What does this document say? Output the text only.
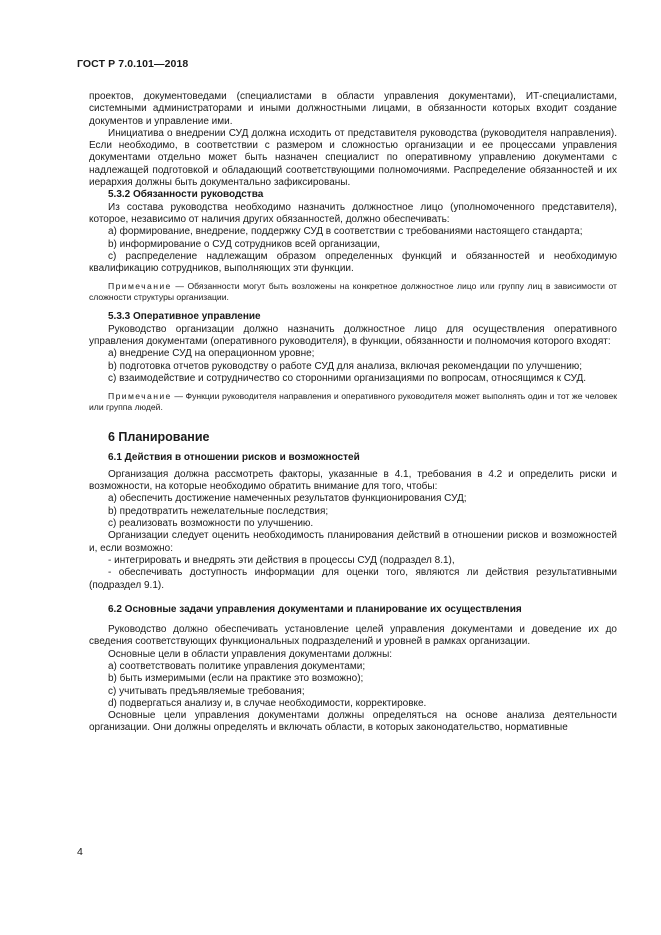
ГОСТ Р 7.0.101—2018

проектов, документоведами (специалистами в области управления документами), ИТ-специалистами, системными администраторами и иными должностными лицами, в обязанности которых входит создание документов и управление ими.

Инициатива о внедрении СУД должна исходить от представителя руководства (руководителя направления). Если необходимо, в соответствии с размером и сложностью организации и ее процессами управления документами отдельно может быть назначен специалист по оперативному управлению документами с надлежащей подготовкой и обладающий соответствующими полномочиями. Распределение обязанностей и их иерархия должны быть документально зафиксированы.

5.3.2 Обязанности руководства

Из состава руководства необходимо назначить должностное лицо (уполномоченного представителя), которое, независимо от наличия других обязанностей, должно обеспечивать:

а) формирование, внедрение, поддержку СУД в соответствии с требованиями настоящего стандарта;

b) информирование о СУД сотрудников всей организации,

c) распределение надлежащим образом определенных функций и обязанностей и необходимую квалификацию сотрудников, выполняющих эти функции.

Примечание — Обязанности могут быть возложены на конкретное должностное лицо или группу лиц в зависимости от сложности структуры организации.

5.3.3 Оперативное управление

Руководство организации должно назначить должностное лицо для осуществления оперативного управления документами (оперативного руководителя), в функции, обязанности и полномочия которого входят:

а) внедрение СУД на операционном уровне;

b) подготовка отчетов руководству о работе СУД для анализа, включая рекомендации по улучшению;

c) взаимодействие и сотрудничество со сторонними организациями по вопросам, относящимся к СУД.

Примечание — Функции руководителя направления и оперативного руководителя может выполнять один и тот же человек или группа людей.

6 Планирование

6.1 Действия в отношении рисков и возможностей

Организация должна рассмотреть факторы, указанные в 4.1, требования в 4.2 и определить риски и возможности, на которые необходимо обратить внимание для того, чтобы:

а) обеспечить достижение намеченных результатов функционирования СУД;

b) предотвратить нежелательные последствия;

c) реализовать возможности по улучшению.

Организации следует оценить необходимость планирования действий в отношении рисков и возможностей и, если возможно:

- интегрировать и внедрять эти действия в процессы СУД (подраздел 8.1),

- обеспечивать доступность информации для оценки того, являются ли действия результативными (подраздел 9.1).

6.2 Основные задачи управления документами и планирование их осуществления

Руководство должно обеспечивать установление целей управления документами и доведение их до сведения соответствующих функциональных подразделений и уровней в рамках организации.

Основные цели в области управления документами должны:

а) соответствовать политике управления документами;

b) быть измеримыми (если на практике это возможно);

c) учитывать предъявляемые требования;

d) подвергаться анализу и, в случае необходимости, корректировке.

Основные цели управления документами должны определяться на основе анализа деятельности организации. Они должны определять и включать области, в которых законодательство, нормативные

4
